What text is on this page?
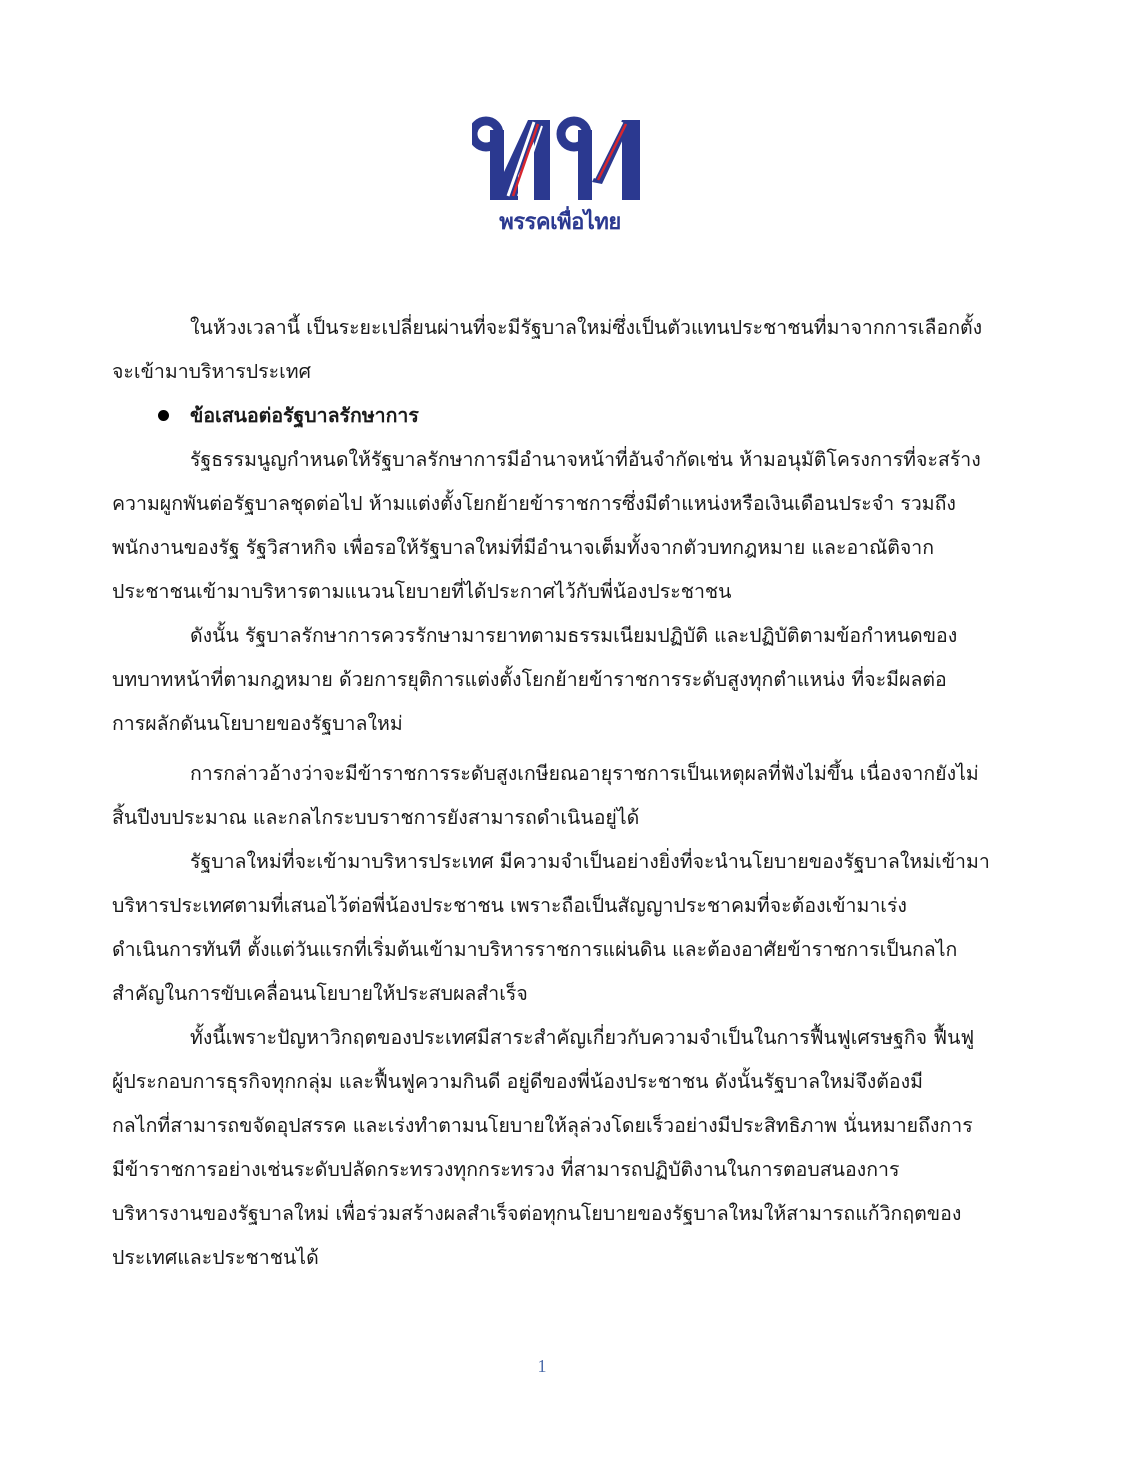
พรรคเพื่อไทย

ในห้วงเวลานี้ เป็นระยะเปลี่ยนผ่านที่จะมีรัฐบาลใหม่ซึ่งเป็นตัวแทนประชาชนที่มาจากการเลือกตั้ง
จะเข้ามาบริหารประเทศ

ข้อเสนอต่อรัฐบาลรักษาการ

รัฐธรรมนูญกำหนดให้รัฐบาลรักษาการมีอำนาจหน้าที่อันจำกัดเช่น ห้ามอนุมัติโครงการที่จะสร้าง
ความผูกพันต่อรัฐบาลชุดต่อไป ห้ามแต่งตั้งโยกย้ายข้าราชการซึ่งมีตำแหน่งหรือเงินเดือนประจำ รวมถึง
พนักงานของรัฐ รัฐวิสาหกิจ เพื่อรอให้รัฐบาลใหม่ที่มีอำนาจเต็มทั้งจากตัวบทกฎหมาย และอาณัติจาก
ประชาชนเข้ามาบริหารตามแนวนโยบายที่ได้ประกาศไว้กับพี่น้องประชาชน

ดังนั้น รัฐบาลรักษาการควรรักษามารยาทตามธรรมเนียมปฏิบัติ และปฏิบัติตามข้อกำหนดของ
บทบาทหน้าที่ตามกฎหมาย ด้วยการยุติการแต่งตั้งโยกย้ายข้าราชการระดับสูงทุกตำแหน่ง ที่จะมีผลต่อ
การผลักดันนโยบายของรัฐบาลใหม่

การกล่าวอ้างว่าจะมีข้าราชการระดับสูงเกษียณอายุราชการเป็นเหตุผลที่ฟังไม่ขึ้น เนื่องจากยังไม่
สิ้นปีงบประมาณ และกลไกระบบราชการยังสามารถดำเนินอยู่ได้

รัฐบาลใหม่ที่จะเข้ามาบริหารประเทศ มีความจำเป็นอย่างยิ่งที่จะนำนโยบายของรัฐบาลใหม่เข้ามา
บริหารประเทศตามที่เสนอไว้ต่อพี่น้องประชาชน เพราะถือเป็นสัญญาประชาคมที่จะต้องเข้ามาเร่ง
ดำเนินการทันที ตั้งแต่วันแรกที่เริ่มต้นเข้ามาบริหารราชการแผ่นดิน และต้องอาศัยข้าราชการเป็นกลไก
สำคัญในการขับเคลื่อนนโยบายให้ประสบผลสำเร็จ

ทั้งนี้เพราะปัญหาวิกฤตของประเทศมีสาระสำคัญเกี่ยวกับความจำเป็นในการฟื้นฟูเศรษฐกิจ ฟื้นฟู
ผู้ประกอบการธุรกิจทุกกลุ่ม และฟื้นฟูความกินดี อยู่ดีของพี่น้องประชาชน ดังนั้นรัฐบาลใหม่จึงต้องมี
กลไกที่สามารถขจัดอุปสรรค และเร่งทำตามนโยบายให้ลุล่วงโดยเร็วอย่างมีประสิทธิภาพ นั่นหมายถึงการ
มีข้าราชการอย่างเช่นระดับปลัดกระทรวงทุกกระทรวง ที่สามารถปฏิบัติงานในการตอบสนองการ
บริหารงานของรัฐบาลใหม่ เพื่อร่วมสร้างผลสำเร็จต่อทุกนโยบายของรัฐบาลใหมให้สามารถแก้วิกฤตของ
ประเทศและประชาชนได้

1
